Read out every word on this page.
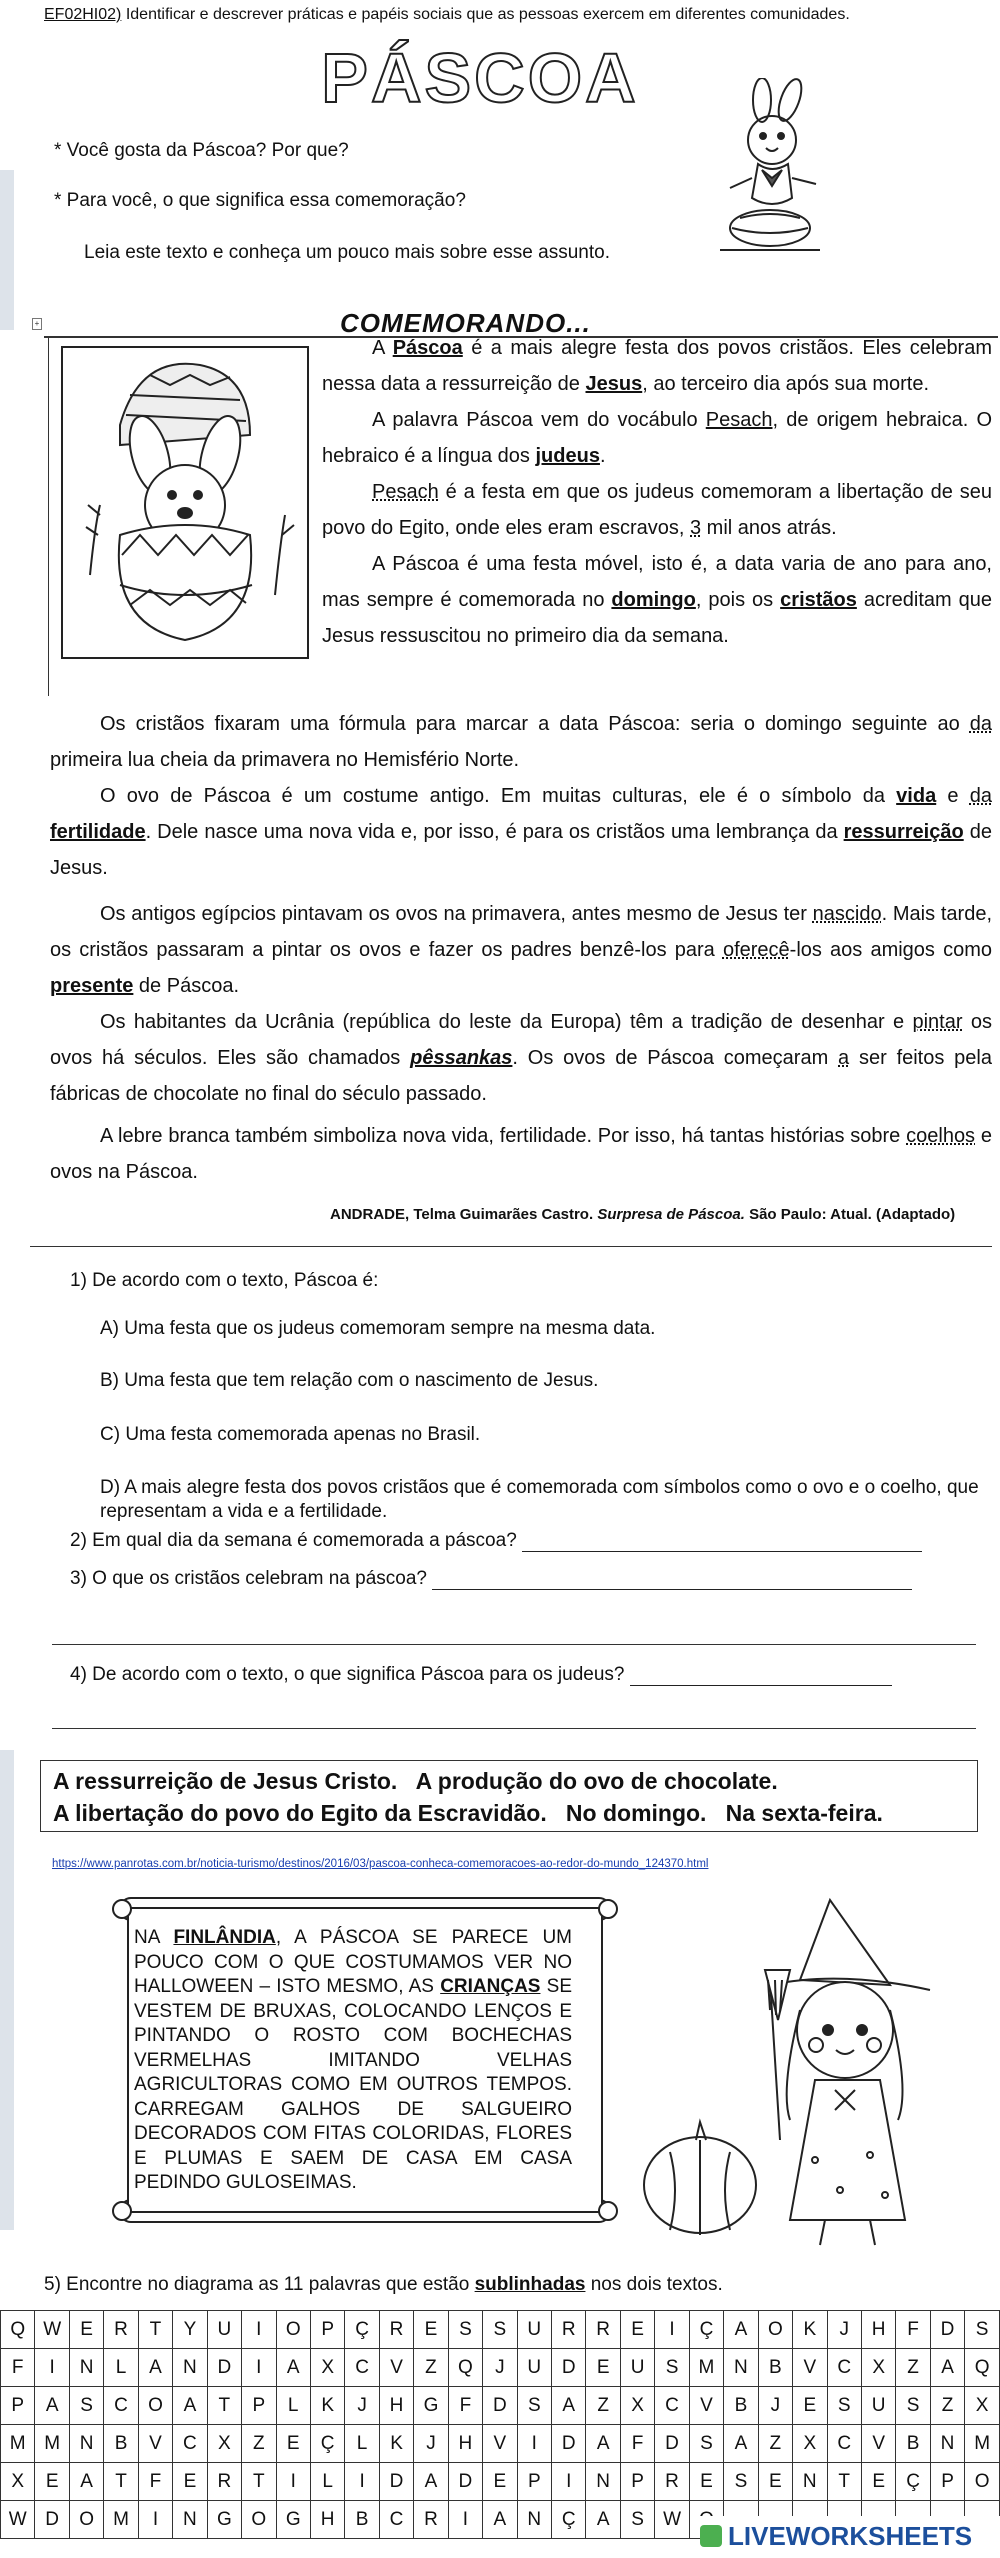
EF02HI02) Identificar e descrever práticas e papéis sociais que as pessoas exercem em diferentes comunidades.
PÁSCOA
* Você gosta da Páscoa? Por que?
* Para você, o que significa essa comemoração?
Leia este texto e conheça um pouco mais sobre esse assunto.
COMEMORANDO...
+

A Páscoa é a mais alegre festa dos povos cristãos. Eles celebram nessa data a ressurreição de Jesus, ao terceiro dia após sua morte.

A palavra Páscoa vem do vocábulo Pesach, de origem hebraica. O hebraico é a língua dos judeus.

Pesach é a festa em que os judeus comemoram a libertação de seu povo do Egito, onde eles eram escravos, 3 mil anos atrás.

A Páscoa é uma festa móvel, isto é, a data varia de ano para ano, mas sempre é comemorada no domingo, pois os cristãos acreditam que Jesus ressuscitou no primeiro dia da semana.

Os cristãos fixaram uma fórmula para marcar a data Páscoa: seria o domingo seguinte ao da primeira lua cheia da primavera no Hemisfério Norte.

O ovo de Páscoa é um costume antigo. Em muitas culturas, ele é o símbolo da vida e da fertilidade. Dele nasce uma nova vida e, por isso, é para os cristãos uma lembrança da ressurreição de Jesus.

Os antigos egípcios pintavam os ovos na primavera, antes mesmo de Jesus ter nascido. Mais tarde, os cristãos passaram a pintar os ovos e fazer os padres benzê-los para oferecê-los aos amigos como presente de Páscoa.

Os habitantes da Ucrânia (república do leste da Europa) têm a tradição de desenhar e pintar os ovos há séculos. Eles são chamados pêssankas. Os ovos de Páscoa começaram a ser feitos pela fábricas de chocolate no final do século passado.

A lebre branca também simboliza nova vida, fertilidade. Por isso, há tantas histórias sobre coelhos e ovos na Páscoa.

ANDRADE, Telma Guimarães Castro. Surpresa de Páscoa. São Paulo: Atual. (Adaptado)
1) De acordo com o texto, Páscoa é:
A) Uma festa que os judeus comemoram sempre na mesma data.
B) Uma festa que tem relação com o nascimento de Jesus.
C) Uma festa comemorada apenas no Brasil.
D) A mais alegre festa dos povos cristãos que é comemorada com símbolos como o ovo e o coelho, que representam a vida e a fertilidade.
2) Em qual dia da semana é comemorada a páscoa?
3) O que os cristãos celebram na páscoa?
4) De acordo com o texto, o que significa Páscoa para os judeus?
A ressurreição de Jesus Cristo. A produção do ovo de chocolate.
A libertação do povo do Egito da Escravidão. No domingo. Na sexta-feira.
https://www.panrotas.com.br/noticia-turismo/destinos/2016/03/pascoa-conheca-comemoracoes-ao-redor-do-mundo_124370.html
NA FINLÂNDIA, A PÁSCOA SE PARECE UM POUCO COM O QUE COSTUMAMOS VER NO HALLOWEEN – ISTO MESMO, AS CRIANÇAS SE VESTEM DE BRUXAS, COLOCANDO LENÇOS E PINTANDO O ROSTO COM BOCHECHAS VERMELHAS IMITANDO VELHAS AGRICULTORAS COMO EM OUTROS TEMPOS. CARREGAM GALHOS DE SALGUEIRO DECORADOS COM FITAS COLORIDAS, FLORES E PLUMAS E SAEM DE CASA EM CASA PEDINDO GULOSEIMAS.
5) Encontre no diagrama as 11 palavras que estão sublinhadas nos dois textos.
Q	W	E	R	T	Y	U	I	O	P	Ç	R	E	S	S	U	R	R	E	I	Ç	A	O	K	J	H	F	D	S
F	I	N	L	A	N	D	I	A	X	C	V	Z	Q	J	U	D	E	U	S	M	N	B	V	C	X	Z	A	Q
P	A	S	C	O	A	T	P	L	K	J	H	G	F	D	S	A	Z	X	C	V	B	J	E	S	U	S	Z	X
M	M	N	B	V	C	X	Z	E	Ç	L	K	J	H	V	I	D	A	F	D	S	A	Z	X	C	V	B	N	M
X	E	A	T	F	E	R	T	I	L	I	D	A	D	E	P	I	N	P	R	E	S	E	N	T	E	Ç	P	O
W	D	O	M	I	N	G	O	G	H	B	C	R	I	A	N	Ç	A	S	W									
LIVEWORKSHEETS
